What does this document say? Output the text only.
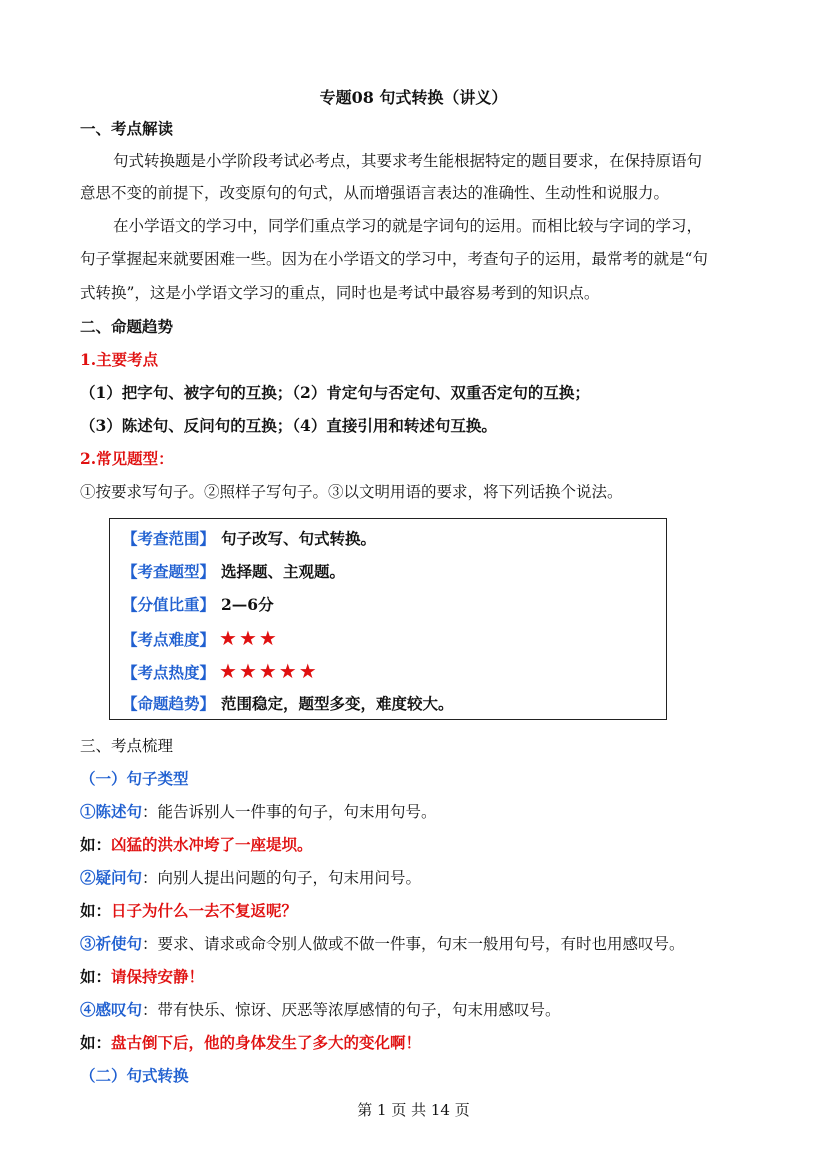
专题08 句式转换（讲义）
一、考点解读
句式转换题是小学阶段考试必考点，其要求考生能根据特定的题目要求，在保持原语句
意思不变的前提下，改变原句的句式，从而增强语言表达的准确性、生动性和说服力。
在小学语文的学习中，同学们重点学习的就是字词句的运用。而相比较与字词的学习，
句子掌握起来就要困难一些。因为在小学语文的学习中，考查句子的运用，最常考的就是“句
式转换”，这是小学语文学习的重点，同时也是考试中最容易考到的知识点。
二、命题趋势
1.主要考点
（1）把字句、被字句的互换；（2）肯定句与否定句、双重否定句的互换；
（3）陈述句、反问句的互换；（4）直接引用和转述句互换。
2.常见题型：
①按要求写句子。②照样子写句子。③以文明用语的要求，将下列话换个说法。
【考查范围】 句子改写、句式转换。
【考查题型】 选择题、主观题。
【分值比重】 2—6分
【考点难度】 ★★★
【考点热度】 ★★★★★
【命题趋势】 范围稳定，题型多变，难度较大。
三、考点梳理
（一）句子类型
①陈述句：能告诉别人一件事的句子，句末用句号。
如：凶猛的洪水冲垮了一座堤坝。
②疑问句：向别人提出问题的句子，句末用问号。
如：日子为什么一去不复返呢？
③祈使句：要求、请求或命令别人做或不做一件事，句末一般用句号，有时也用感叹号。
如：请保持安静！
④感叹句：带有快乐、惊讶、厌恶等浓厚感情的句子，句末用感叹号。
如：盘古倒下后，他的身体发生了多大的变化啊！
（二）句式转换
第 1 页 共 14 页
